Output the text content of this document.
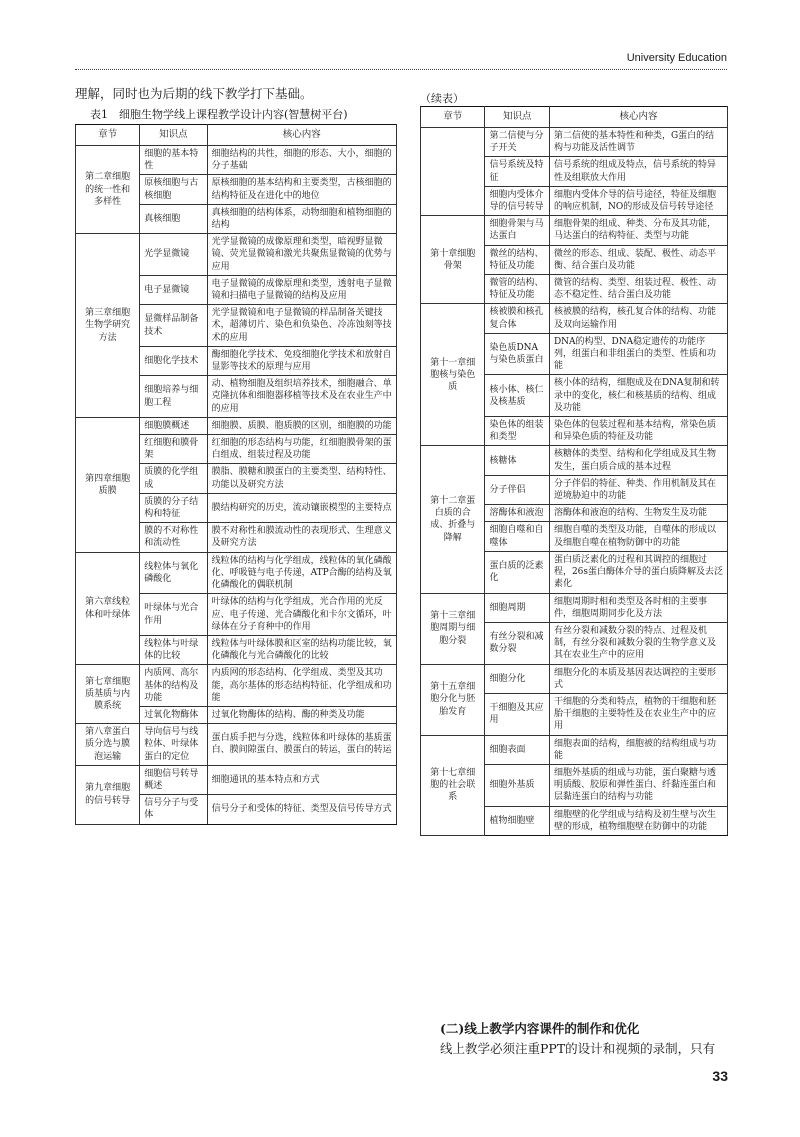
University Education
理解，同时也为后期的线下教学打下基础。
表1　细胞生物学线上课程教学设计内容(智慧树平台)
（续表）
章节	知识点	核心内容
第二章细胞的统一性和多样性	细胞的基本特性	细胞结构的共性，细胞的形态、大小，细胞的分子基础
	原核细胞与古核细胞	原核细胞的基本结构和主要类型，古核细胞的结构特征及在进化中的地位
	真核细胞	真核细胞的结构体系，动物细胞和植物细胞的结构
第三章细胞生物学研究方法	光学显微镜	光学显微镜的成像原理和类型，暗视野显微镜、荧光显微镜和激光共聚焦显微镜的优势与应用
	电子显微镜	电子显微镜的成像原理和类型，透射电子显微镜和扫描电子显微镜的结构及应用
	显微样品制备技术	光学显微镜和电子显微镜的样品制备关键技术，超薄切片、染色和负染色、冷冻蚀刻等技术的应用
	细胞化学技术	酶细胞化学技术、免疫细胞化学技术和放射自显影等技术的原理与应用
	细胞培养与细胞工程	动、植物细胞及组织培养技术，细胞融合、单克隆抗体和细胞器移植等技术及在农业生产中的应用
第四章细胞质膜	细胞膜概述	细胞膜、质膜、胞质膜的区别，细胞膜的功能
	红细胞和膜骨架	红细胞的形态结构与功能，红细胞膜骨架的蛋白组成、组装过程及功能
	质膜的化学组成	膜脂、膜糖和膜蛋白的主要类型、结构特性、功能以及研究方法
	质膜的分子结构和特征	膜结构研究的历史，流动镶嵌模型的主要特点
	膜的不对称性和流动性	膜不对称性和膜流动性的表现形式、生理意义及研究方法
第六章线粒体和叶绿体	线粒体与氧化磷酸化	线粒体的结构与化学组成，线粒体的氧化磷酸化、呼吸链与电子传递，ATP合酶的结构及氧化磷酸化的偶联机制
	叶绿体与光合作用	叶绿体的结构与化学组成，光合作用的光反应、电子传递、光合磷酸化和卡尔文循环，叶绿体在分子育种中的作用
	线粒体与叶绿体的比较	线粒体与叶绿体膜和区室的结构功能比较，氧化磷酸化与光合磷酸化的比较
第七章细胞质基质与内膜系统	内质网、高尔基体的结构及功能	内质网的形态结构、化学组成、类型及其功能，高尔基体的形态结构特征、化学组成和功能
	过氧化物酶体	过氧化物酶体的结构、酶的种类及功能
第八章蛋白质分选与膜泡运输	导向信号与线粒体、叶绿体蛋白的定位	蛋白质手把与分选，线粒体和叶绿体的基质蛋白、膜间隙蛋白、膜蛋白的转运，蛋白的转运
第九章细胞的信号转导	细胞信号转导概述	细胞通讯的基本特点和方式
	信号分子与受体	信号分子和受体的特征、类型及信号传导方式
章节	知识点	核心内容
	第二信使与分子开关	第二信使的基本特性和种类，G蛋白的结构与功能及活性调节
	信号系统及特征	信号系统的组成及特点，信号系统的特异性及组联放大作用
	细胞内受体介导的信号转导	细胞内受体介导的信号途径，特征及细胞的响应机制，NO的形成及信号转导途径
第十章细胞骨架	细胞骨架与马达蛋白	细胞骨架的组成、种类、分布及其功能，马达蛋白的结构特征、类型与功能
	微丝的结构、特征及功能	微丝的形态、组成、装配、极性、动态平衡、结合蛋白及功能
	微管的结构、特征及功能	微管的结构、类型、组装过程、极性、动态不稳定性、结合蛋白及功能
第十一章细胞核与染色质	核被膜和核孔复合体	核被膜的结构，核孔复合体的结构、功能及双向运输作用
	染色质DNA与染色质蛋白	DNA的构型、DNA稳定遗传的功能序列，组蛋白和非组蛋白的类型、性质和功能
	核小体、核仁及核基质	核小体的结构，细胞成及在DNA复制和转录中的变化，核仁和核基质的结构、组成及功能
	染色体的组装和类型	染色体的包装过程和基本结构，常染色质和异染色质的特征及功能
第十二章蛋白质的合成、折叠与降解	核糖体	核糖体的类型、结构和化学组成及其生物发生，蛋白质合成的基本过程
	分子伴侣	分子伴侣的特征、种类、作用机制及其在逆境胁迫中的功能
	溶酶体和液泡	溶酶体和液泡的结构、生物发生及功能
	细胞自噬和自噬体	细胞自噬的类型及功能，自噬体的形成以及细胞自噬在植物防御中的功能
	蛋白质的泛素化	蛋白质泛素化的过程和其调控的细胞过程，26s蛋白酶体介导的蛋白质降解及去泛素化
第十三章细胞周期与细胞分裂	细胞周期	细胞周期时相和类型及各时相的主要事件，细胞周期同步化及方法
	有丝分裂和减数分裂	有丝分裂和减数分裂的特点、过程及机制，有丝分裂和减数分裂的生物学意义及其在农业生产中的应用
第十五章细胞分化与胚胎发育	细胞分化	细胞分化的本质及基因表达调控的主要形式
	干细胞及其应用	干细胞的分类和特点，植物的干细胞和胚胎干细胞的主要特性及在农业生产中的应用
第十七章细胞的社会联系	细胞表面	细胞表面的结构，细胞被的结构组成与功能
	细胞外基质	细胞外基质的组成与功能，蛋白聚糖与透明质酸、胶原和弹性蛋白、纤黏连蛋白和层黏连蛋白的结构与功能
	植物细胞壁	细胞壁的化学组成与结构及初生壁与次生壁的形成，植物细胞壁在防御中的功能
(二)线上教学内容课件的制作和优化
线上教学必须注重PPT的设计和视频的录制，只有
33
